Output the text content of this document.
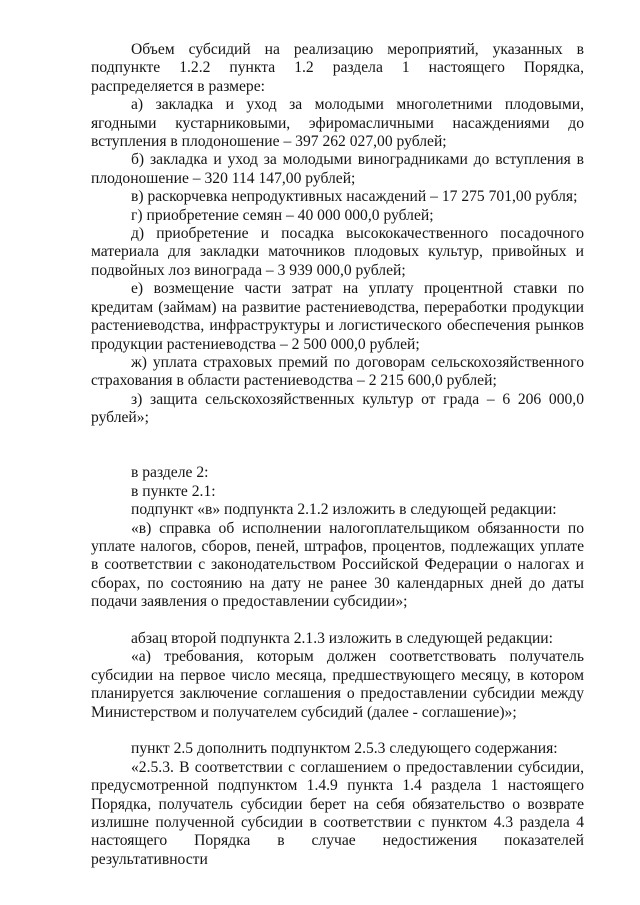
Объем субсидий на реализацию мероприятий, указанных в подпункте 1.2.2 пункта 1.2 раздела 1 настоящего Порядка, распределяется в размере:

а) закладка и уход за молодыми многолетними плодовыми, ягодными кустарниковыми, эфиромасличными насаждениями до вступления в плодоношение – 397 262 027,00 рублей;

б) закладка и уход за молодыми виноградниками до вступления в плодоношение – 320 114 147,00 рублей;

в) раскорчевка непродуктивных насаждений – 17 275 701,00 рубля;

г) приобретение семян – 40 000 000,0 рублей;

д) приобретение и посадка высококачественного посадочного материала для закладки маточников плодовых культур, привойных и подвойных лоз винограда – 3 939 000,0 рублей;

е) возмещение части затрат на уплату процентной ставки по кредитам (займам) на развитие растениеводства, переработки продукции растениеводства, инфраструктуры и логистического обеспечения рынков продукции растениеводства – 2 500 000,0 рублей;

ж) уплата страховых премий по договорам сельскохозяйственного страхования в области растениеводства – 2 215 600,0 рублей;

з) защита сельскохозяйственных культур от града – 6 206 000,0 рублей»;

в разделе 2:

в пункте 2.1:

подпункт «в» подпункта 2.1.2 изложить в следующей редакции:

«в) справка об исполнении налогоплательщиком обязанности по уплате налогов, сборов, пеней, штрафов, процентов, подлежащих уплате в соответствии с законодательством Российской Федерации о налогах и сборах, по состоянию на дату не ранее 30 календарных дней до даты подачи заявления о предоставлении субсидии»;

абзац второй подпункта 2.1.3 изложить в следующей редакции:

«а) требования, которым должен соответствовать получатель субсидии на первое число месяца, предшествующего месяцу, в котором планируется заключение соглашения о предоставлении субсидии между Министерством и получателем субсидий (далее - соглашение)»;

пункт 2.5 дополнить подпунктом 2.5.3 следующего содержания:

«2.5.3. В соответствии с соглашением о предоставлении субсидии, предусмотренной подпунктом 1.4.9 пункта 1.4 раздела 1 настоящего Порядка, получатель субсидии берет на себя обязательство о возврате излишне полученной субсидии в соответствии с пунктом 4.3 раздела 4 настоящего Порядка в случае недостижения показателей результативности
